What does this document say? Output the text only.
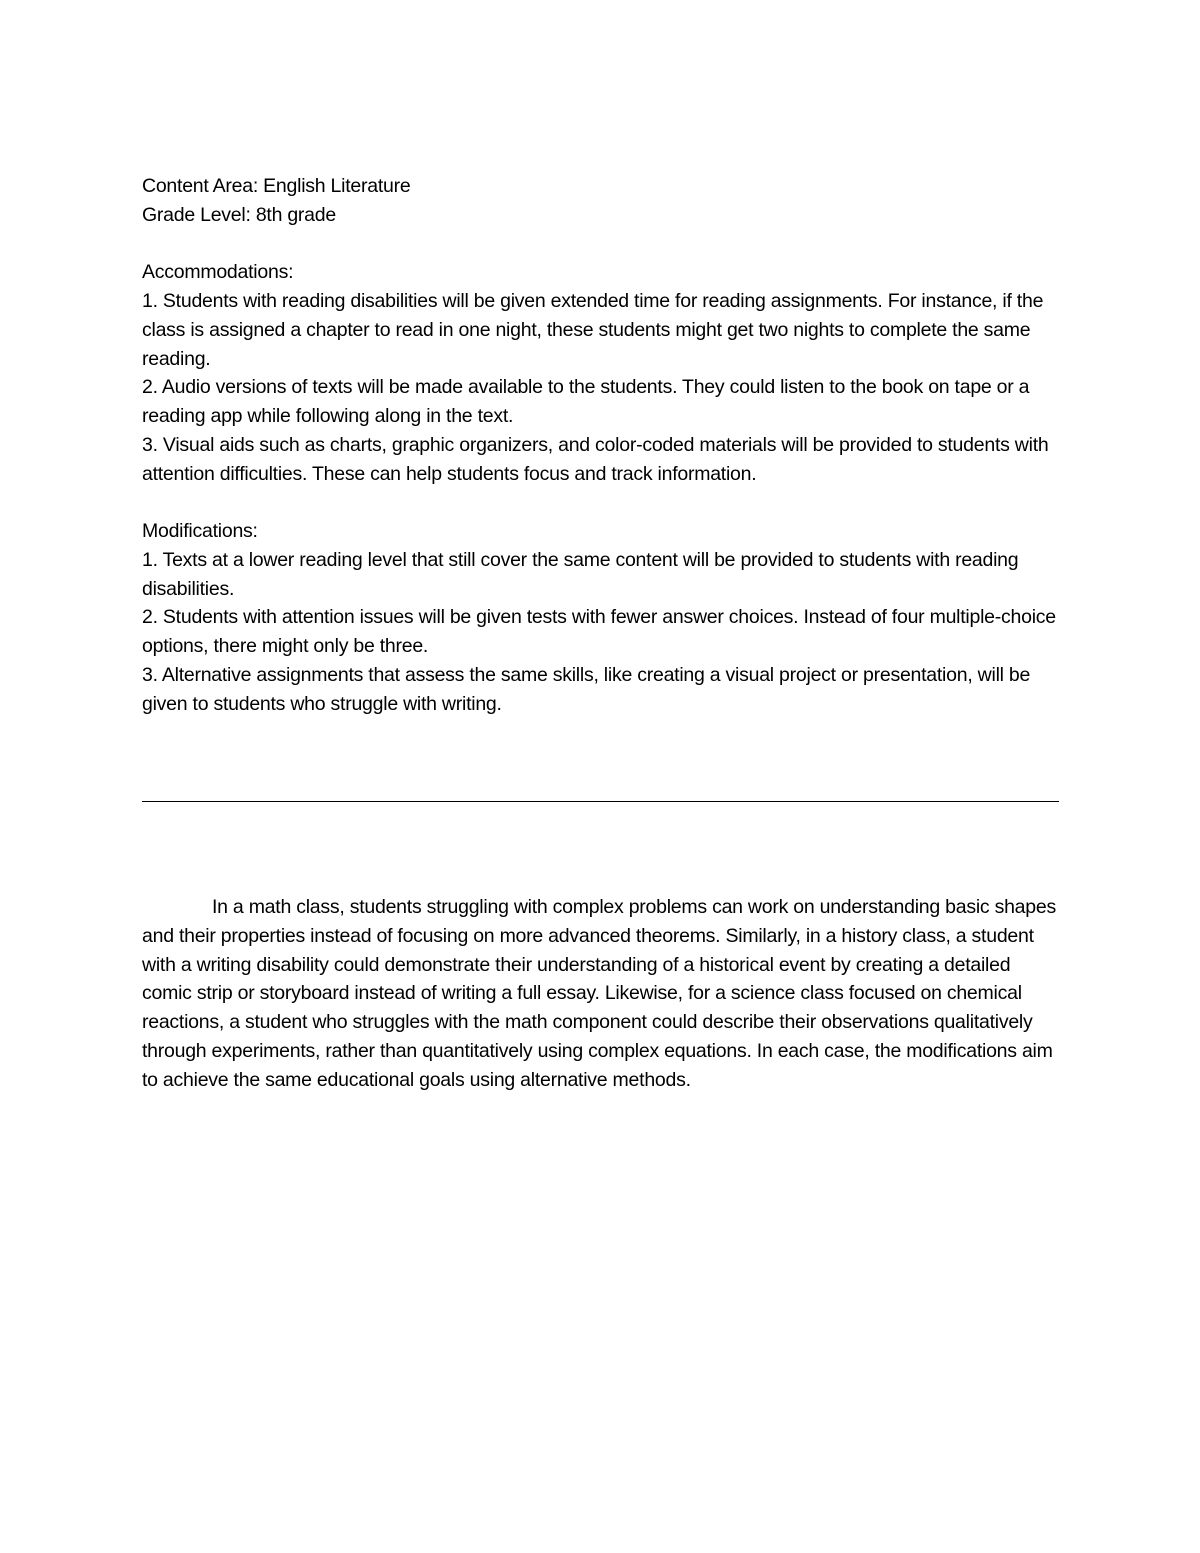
Content Area: English Literature

Grade Level: 8th grade

Accommodations:

1. Students with reading disabilities will be given extended time for reading assignments. For instance, if the class is assigned a chapter to read in one night, these students might get two nights to complete the same reading.

2. Audio versions of texts will be made available to the students. They could listen to the book on tape or a reading app while following along in the text.

3. Visual aids such as charts, graphic organizers, and color-coded materials will be provided to students with attention difficulties. These can help students focus and track information.

Modifications:

1. Texts at a lower reading level that still cover the same content will be provided to students with reading disabilities.

2. Students with attention issues will be given tests with fewer answer choices. Instead of four multiple-choice options, there might only be three.

3. Alternative assignments that assess the same skills, like creating a visual project or presentation, will be given to students who struggle with writing.

In a math class, students struggling with complex problems can work on understanding basic shapes and their properties instead of focusing on more advanced theorems. Similarly, in a history class, a student with a writing disability could demonstrate their understanding of a historical event by creating a detailed comic strip or storyboard instead of writing a full essay. Likewise, for a science class focused on chemical reactions, a student who struggles with the math component could describe their observations qualitatively through experiments, rather than quantitatively using complex equations. In each case, the modifications aim to achieve the same educational goals using alternative methods.
